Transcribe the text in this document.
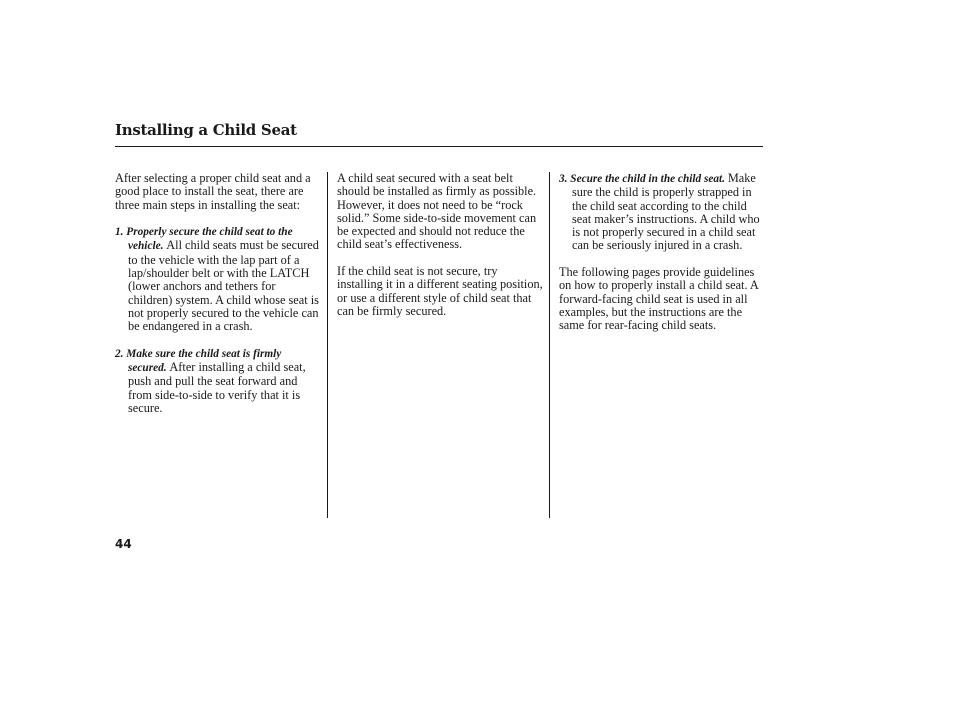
Installing a Child Seat

After selecting a proper child seat and a good place to install the seat, there are three main steps in installing the seat:

1. Properly secure the child seat to the vehicle. All child seats must be secured to the vehicle with the lap part of a lap/shoulder belt or with the LATCH (lower anchors and tethers for children) system. A child whose seat is not properly secured to the vehicle can be endangered in a crash.
2. Make sure the child seat is firmly secured. After installing a child seat, push and pull the seat forward and from side-to-side to verify that it is secure.

A child seat secured with a seat belt should be installed as firmly as possible. However, it does not need to be “rock solid.” Some side-to-side movement can be expected and should not reduce the child seat’s effectiveness.

If the child seat is not secure, try installing it in a different seating position, or use a different style of child seat that can be firmly secured.

3. Secure the child in the child seat. Make sure the child is properly strapped in the child seat according to the child seat maker’s instructions. A child who is not properly secured in a child seat can be seriously injured in a crash.

The following pages provide guidelines on how to properly install a child seat. A forward-facing child seat is used in all examples, but the instructions are the same for rear-facing child seats.

44
